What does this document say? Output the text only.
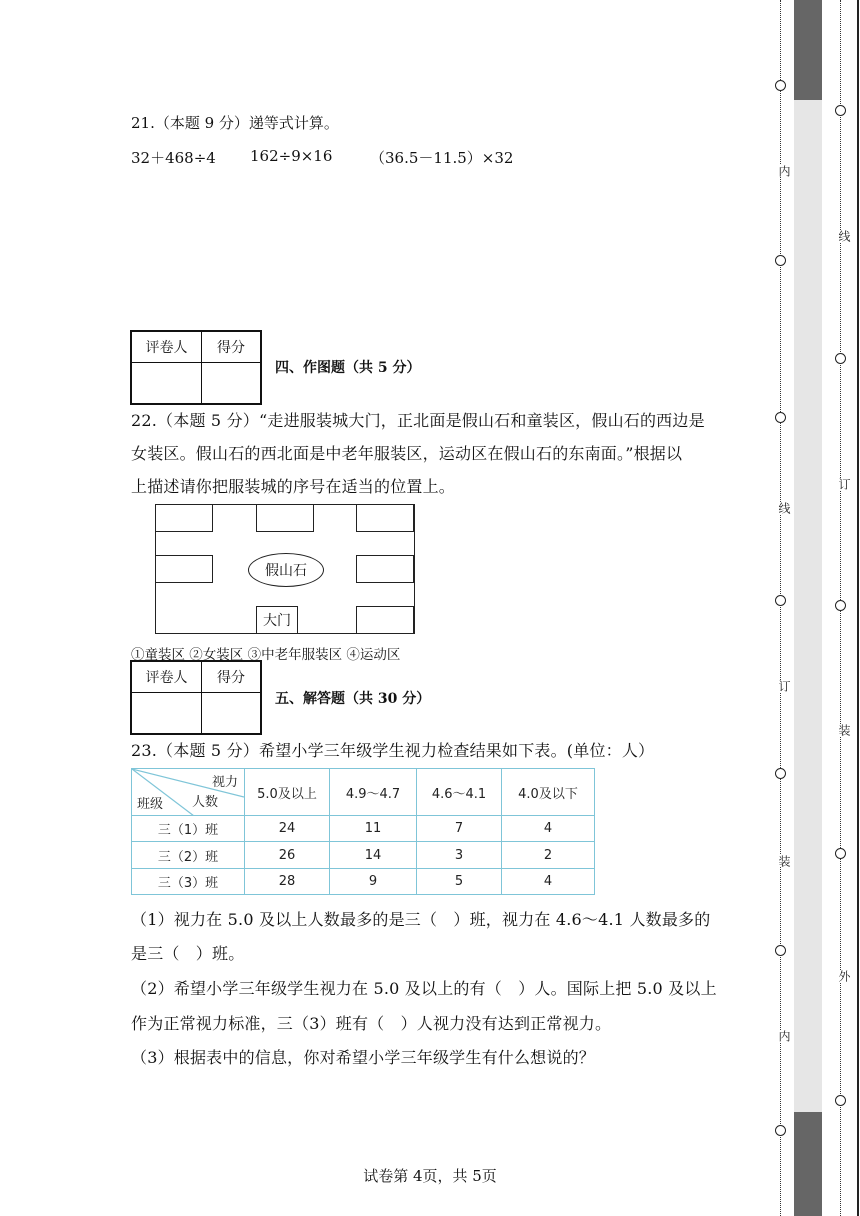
21.（本题 9 分）递等式计算。
32＋468÷4 162÷9×16	（36.5－11.5）×32
评卷人	得分
四、作图题（共 5 分）
22.（本题 5 分）“走进服装城大门，正北面是假山石和童装区，假山石的西边是
女装区。假山石的西北面是中老年服装区，运动区在假山石的东南面。”根据以
上描述请你把服装城的序号在适当的位置上。
假山石
大门
①童装区 ②女装区 ③中老年服装区 ④运动区
评卷人	得分
五、解答题（共 30 分）
23.（本题 5 分）希望小学三年级学生视力检查结果如下表。(单位：人）
视力
人数
班级	5.0及以上	4.9～4.7	4.6～4.1	4.0及以下
三（1）班	24	11	7	4
三（2）班	26	14	3	2
三（3）班	28	9	5	4
（1）视力在 5.0 及以上人数最多的是三（　）班，视力在 4.6～4.1 人数最多的
是三（　）班。
（2）希望小学三年级学生视力在 5.0 及以上的有（　）人。国际上把 5.0 及以上
作为正常视力标准，三（3）班有（　）人视力没有达到正常视力。
（3）根据表中的信息，你对希望小学三年级学生有什么想说的？
试卷第 4页，共 5页
内
线
订
装
内
线
订
装
外
